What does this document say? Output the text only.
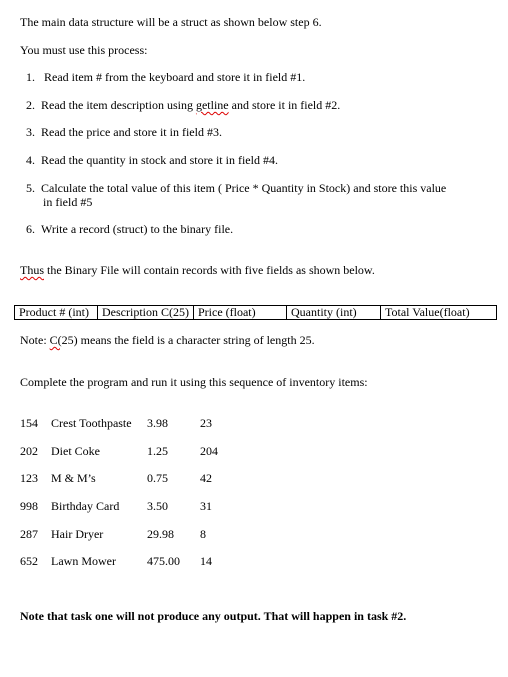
The main data structure will be a struct as shown below step 6.
You must use this process:
1. Read item # from the keyboard and store it in field #1.
2. Read the item description using getline and store it in field #2.
3. Read the price and store it in field #3.
4. Read the quantity in stock and store it in field #4.
5. Calculate the total value of this item ( Price * Quantity in Stock) and store this value
in field #5
6. Write a record (struct) to the binary file.
Thus the Binary File will contain records with five fields as shown below.
Product # (int)	Description C(25) Price (float)	Quantity (int)	Total Value(float)
Note: C(25) means the field is a character string of length 25.
Complete the program and run it using this sequence of inventory items:
154 Crest Toothpaste 3.98	23
202 Diet Coke	1.25	204
123 M & M’s	0.75	42
998 Birthday Card 3.50	31
287 Hair Dryer	29.98 8
652 Lawn Mower	475.00 14
Note that task one will not produce any output. That will happen in task #2.
